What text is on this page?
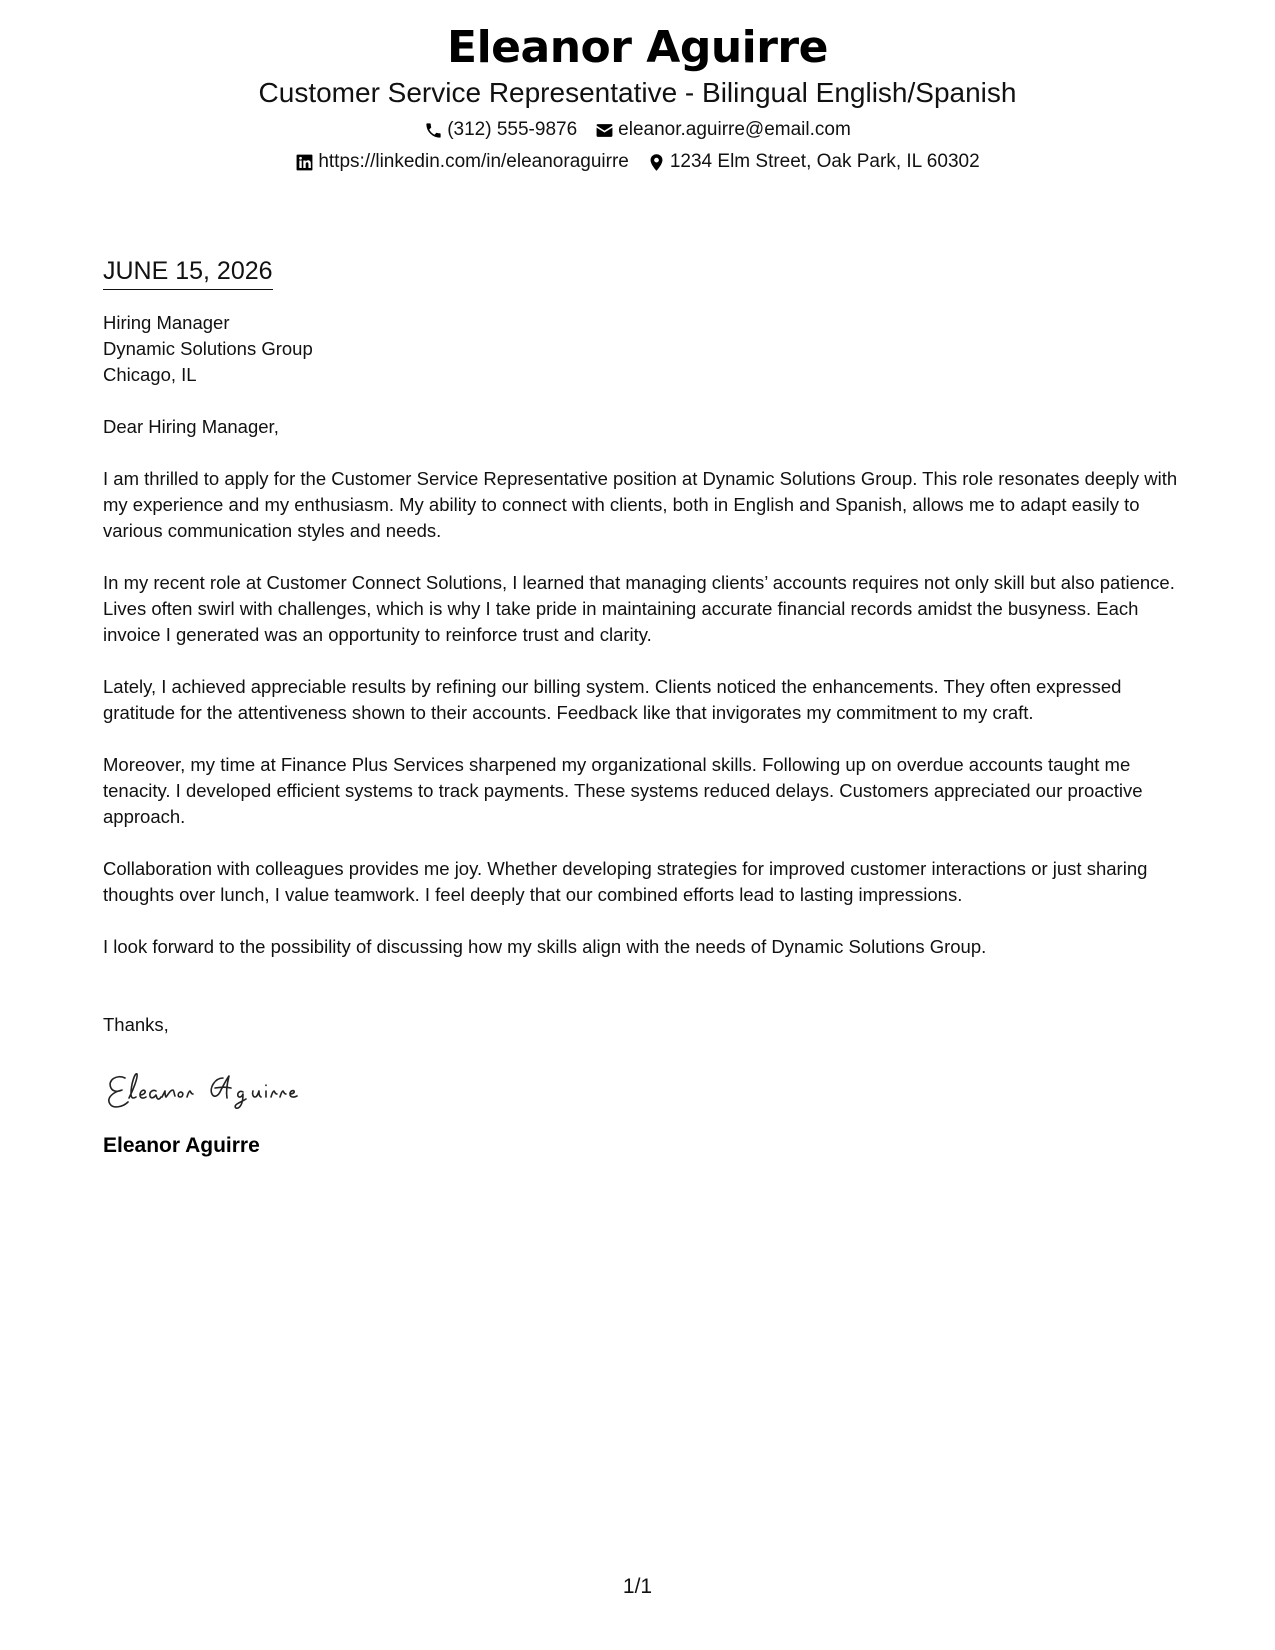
Eleanor Aguirre
Customer Service Representative - Bilingual English/Spanish
(312) 555-9876 eleanor.aguirre@email.com
https://linkedin.com/in/eleanoraguirre 1234 Elm Street, Oak Park, IL 60302
JUNE 15, 2026
Hiring Manager
Dynamic Solutions Group
Chicago, IL
Dear Hiring Manager,
I am thrilled to apply for the Customer Service Representative position at Dynamic Solutions Group. This role resonates deeply with my experience and my enthusiasm. My ability to connect with clients, both in English and Spanish, allows me to adapt easily to various communication styles and needs.
In my recent role at Customer Connect Solutions, I learned that managing clients’ accounts requires not only skill but also patience. Lives often swirl with challenges, which is why I take pride in maintaining accurate financial records amidst the busyness. Each invoice I generated was an opportunity to reinforce trust and clarity.
Lately, I achieved appreciable results by refining our billing system. Clients noticed the enhancements. They often expressed gratitude for the attentiveness shown to their accounts. Feedback like that invigorates my commitment to my craft.
Moreover, my time at Finance Plus Services sharpened my organizational skills. Following up on overdue accounts taught me tenacity. I developed efficient systems to track payments. These systems reduced delays. Customers appreciated our proactive approach.
Collaboration with colleagues provides me joy. Whether developing strategies for improved customer interactions or just sharing thoughts over lunch, I value teamwork. I feel deeply that our combined efforts lead to lasting impressions.
I look forward to the possibility of discussing how my skills align with the needs of Dynamic Solutions Group.
Thanks,
Eleanor Aguirre
1/1
